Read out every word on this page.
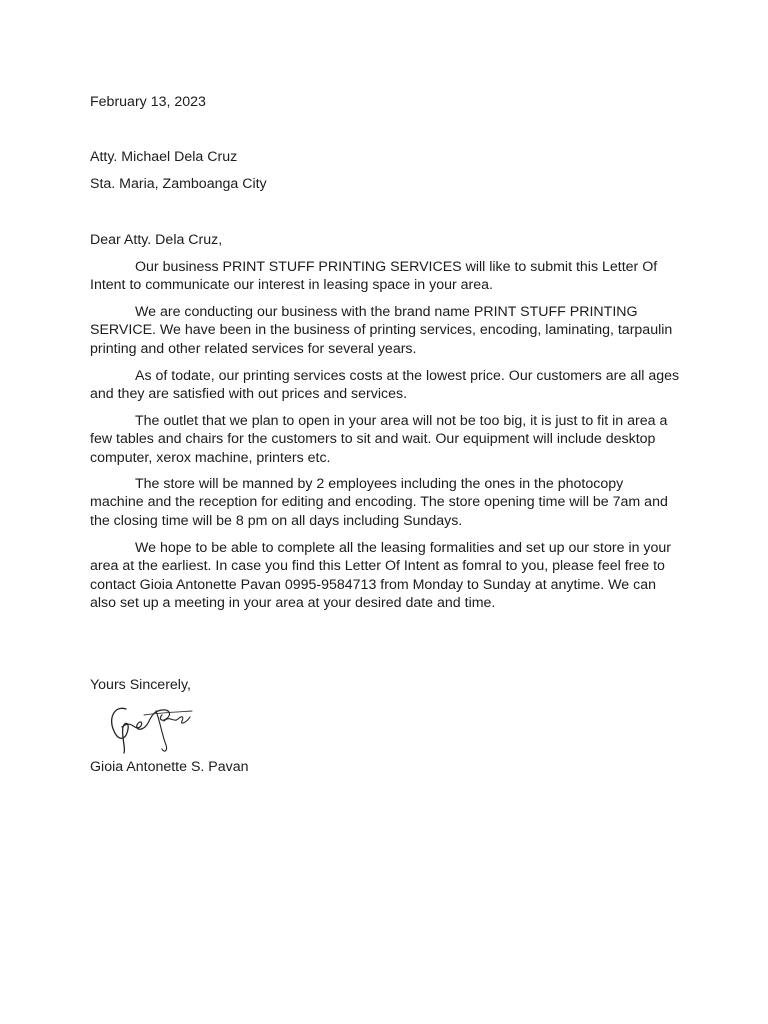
February 13, 2023
Atty. Michael Dela Cruz
Sta. Maria, Zamboanga City
Dear Atty. Dela Cruz,

Our business PRINT STUFF PRINTING SERVICES will like to submit this Letter Of Intent to communicate our interest in leasing space in your area.

We are conducting our business with the brand name PRINT STUFF PRINTING SERVICE. We have been in the business of printing services, encoding, laminating, tarpaulin printing and other related services for several years.

As of todate, our printing services costs at the lowest price. Our customers are all ages and they are satisfied with out prices and services.

The outlet that we plan to open in your area will not be too big, it is just to fit in area a few tables and chairs for the customers to sit and wait. Our equipment will include desktop computer, xerox machine, printers etc.

The store will be manned by 2 employees including the ones in the photocopy machine and the reception for editing and encoding. The store opening time will be 7am and the closing time will be 8 pm on all days including Sundays.

We hope to be able to complete all the leasing formalities and set up our store in your area at the earliest. In case you find this Letter Of Intent as fomral to you, please feel free to contact Gioia Antonette Pavan 0995-9584713 from Monday to Sunday at anytime. We can also set up a meeting in your area at your desired date and time.

Yours Sincerely,
Gioia Antonette S. Pavan
